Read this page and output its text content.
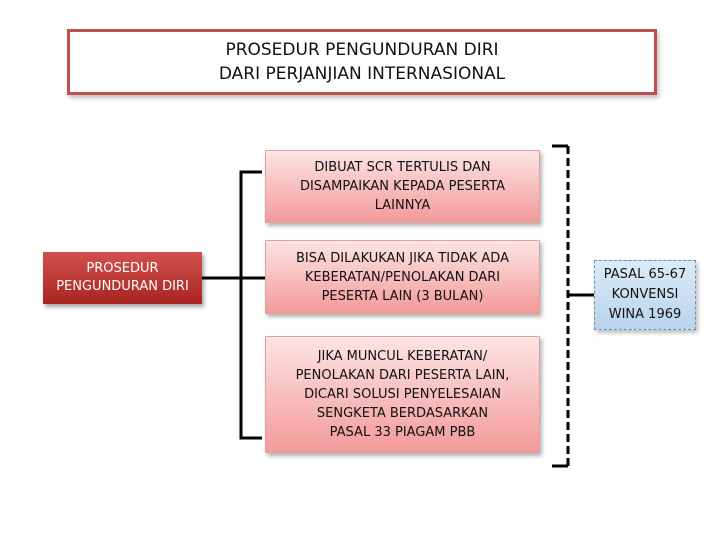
PROSEDUR PENGUNDURAN DIRI
DARI PERJANJIAN INTERNASIONAL
PROSEDUR
PENGUNDURAN DIRI
DIBUAT SCR TERTULIS DAN
DISAMPAIKAN KEPADA PESERTA
LAINNYA
BISA DILAKUKAN JIKA TIDAK ADA
KEBERATAN/PENOLAKAN DARI
PESERTA LAIN (3 BULAN)
JIKA MUNCUL KEBERATAN/
PENOLAKAN DARI PESERTA LAIN,
DICARI SOLUSI PENYELESAIAN
SENGKETA BERDASARKAN
PASAL 33 PIAGAM PBB
PASAL 65-67
KONVENSI
WINA 1969
